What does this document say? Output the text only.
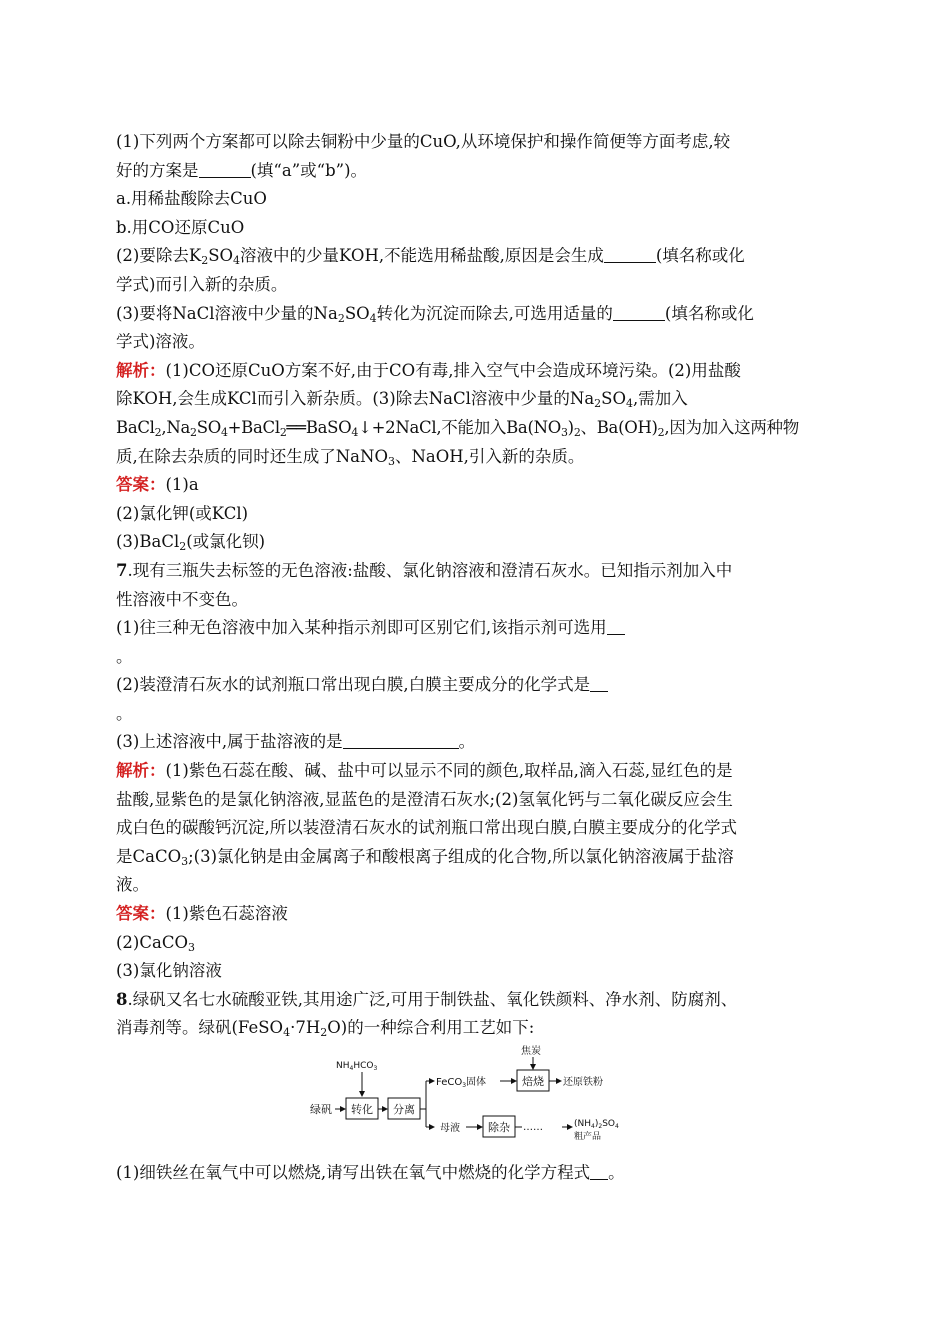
(1)下列两个方案都可以除去铜粉中少量的CuO,从环境保护和操作简便等方面考虑,较
好的方案是	(填“a”或“b”)。
a.用稀盐酸除去CuO
b.用CO还原CuO
(2)要除去$K_2SO_4$溶液中的少量KOH,不能选用稀盐酸,原因是会生成	(填名称或化
学式)而引入新的杂质。
(3)要将NaCl溶液中少量的$Na_2SO_4$转化为沉淀而除去,可选用适量的	(填名称或化
学式)溶液。
解析：(1)CO还原CuO方案不好,由于CO有毒,排入空气中会造成环境污染。(2)用盐酸
除KOH,会生成KCl而引入新杂质。(3)除去NaCl溶液中少量的$Na_2SO_4$,需加入
$BaCl_2,Na_2SO_4+BaCl_2══BaSO_4↓+2NaCl$,不能加入$Ba(NO_3)_2$、$Ba(OH)_2$,因为加入这两种物
质,在除去杂质的同时还生成了NaNO$_3$、NaOH,引入新的杂质。
答案：(1)a
(2)氯化钾(或KCl)
(3)BaCl$_2$(或氯化钡)
7.现有三瓶失去标签的无色溶液:盐酸、氯化钠溶液和澄清石灰水。已知指示剂加入中
性溶液中不变色。
(1)往三种无色溶液中加入某种指示剂即可区别它们,该指示剂可选用
。
(2)装澄清石灰水的试剂瓶口常出现白膜,白膜主要成分的化学式是
。
(3)上述溶液中,属于盐溶液的是	。
解析：(1)紫色石蕊在酸、碱、盐中可以显示不同的颜色,取样品,滴入石蕊,显红色的是
盐酸,显紫色的是氯化钠溶液,显蓝色的是澄清石灰水;(2)氢氧化钙与二氧化碳反应会生
成白色的碳酸钙沉淀,所以装澄清石灰水的试剂瓶口常出现白膜,白膜主要成分的化学式
是CaCO$_3$;(3)氯化钠是由金属离子和酸根离子组成的化合物,所以氯化钠溶液属于盐溶
液。
答案：(1)紫色石蕊溶液
(2)CaCO$_3$
(3)氯化钠溶液
8.绿矾又名七水硫酸亚铁,其用途广泛,可用于制铁盐、氧化铁颜料、净水剂、防腐剂、
消毒剂等。绿矾$(FeSO_4\cdot 7H_2O)$的一种综合利用工艺如下:
(1)细铁丝在氧气中可以燃烧,请写出铁在氧气中燃烧的化学方程式 。
$NH_4HCO_3$
绿矾 转化 分离
FeCO$_3$固体
焦炭
焙烧 还原铁粉
母液	除杂 ……	$(NH_4)_2SO_4$
粗产品
